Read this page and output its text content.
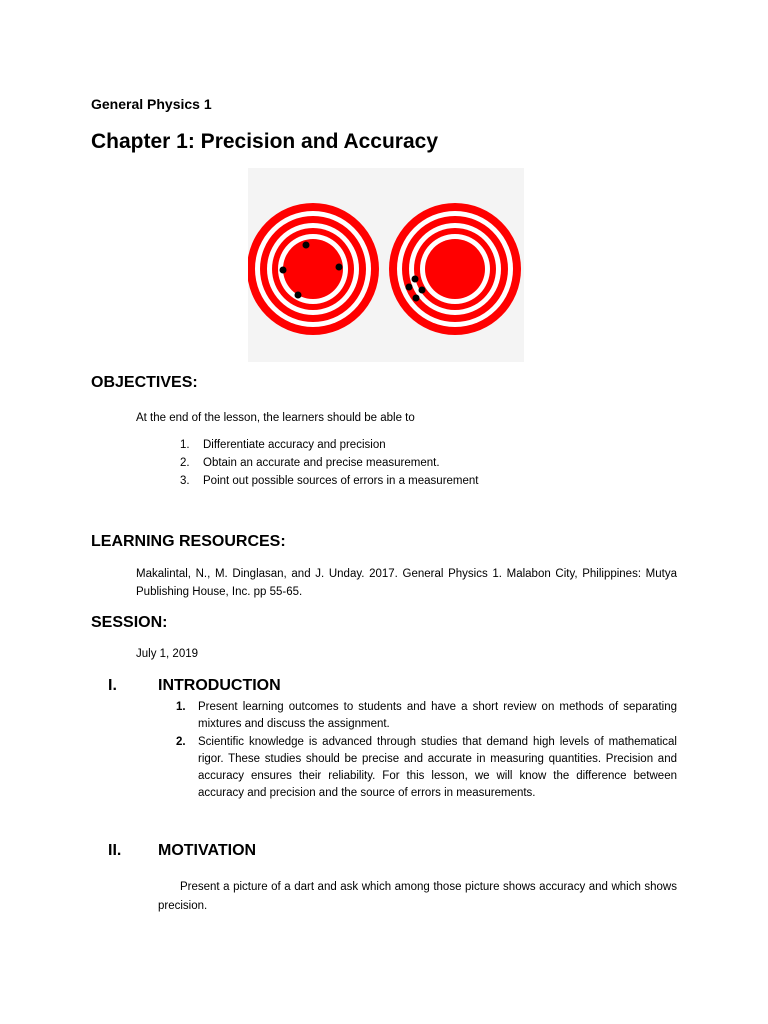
General Physics 1
Chapter 1: Precision and Accuracy
OBJECTIVES:
At the end of the lesson, the learners should be able to
1. Differentiate accuracy and precision
2. Obtain an accurate and precise measurement.
3. Point out possible sources of errors in a measurement
LEARNING RESOURCES:
Makalintal, N., M. Dinglasan, and J. Unday. 2017. General Physics 1. Malabon City, Philippines: Mutya Publishing House, Inc. pp 55-65.
SESSION:
July 1, 2019
I.	INTRODUCTION
1. Present learning outcomes to students and have a short review on methods of separating mixtures and discuss the assignment.
2. Scientific knowledge is advanced through studies that demand high levels of mathematical rigor. These studies should be precise and accurate in measuring quantities. Precision and accuracy ensures their reliability. For this lesson, we will know the difference between accuracy and precision and the source of errors in measurements.
II. MOTIVATION
Present a picture of a dart and ask which among those picture shows accuracy and which shows precision.
